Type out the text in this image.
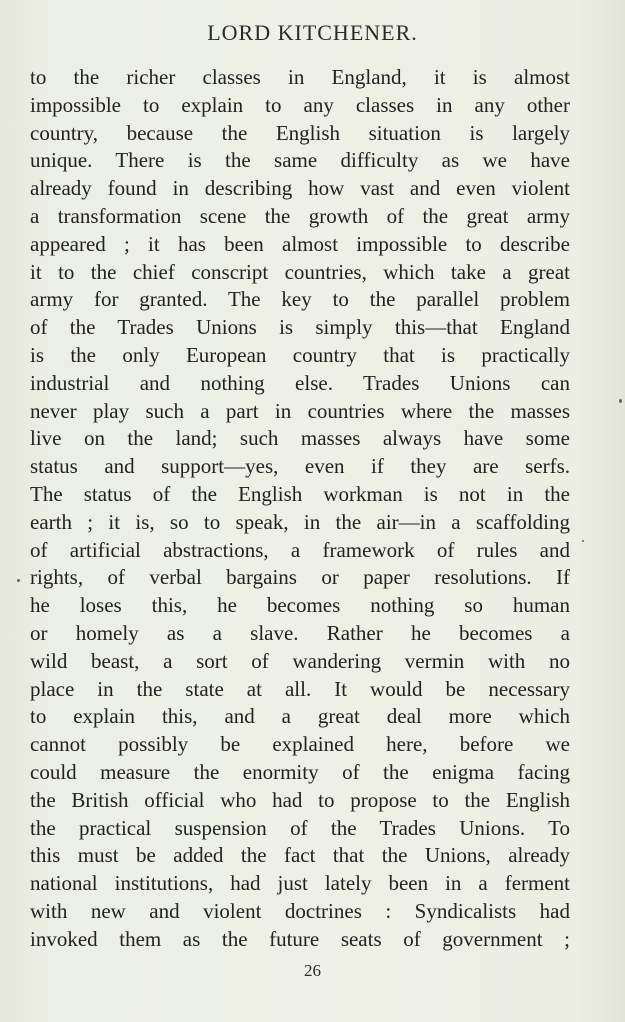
LORD KITCHENER.
to the richer classes in England, it is almost
impossible to explain to any classes in any other
country, because the English situation is largely
unique. There is the same difficulty as we have
already found in describing how vast and even violent
a transformation scene the growth of the great army
appeared ; it has been almost impossible to describe
it to the chief conscript countries, which take a great
army for granted. The key to the parallel problem
of the Trades Unions is simply this—that England
is the only European country that is practically
industrial and nothing else. Trades Unions can
never play such a part in countries where the masses
live on the land; such masses always have some
status and support—yes, even if they are serfs.
The status of the English workman is not in the
earth ; it is, so to speak, in the air—in a scaffolding
of artificial abstractions, a framework of rules and
rights, of verbal bargains or paper resolutions. If
he loses this, he becomes nothing so human
or homely as a slave. Rather he becomes a
wild beast, a sort of wandering vermin with no
place in the state at all. It would be necessary
to explain this, and a great deal more which
cannot possibly be explained here, before we
could measure the enormity of the enigma facing
the British official who had to propose to the English
the practical suspension of the Trades Unions. To
this must be added the fact that the Unions, already
national institutions, had just lately been in a ferment
with new and violent doctrines : Syndicalists had
invoked them as the future seats of government ;
26
